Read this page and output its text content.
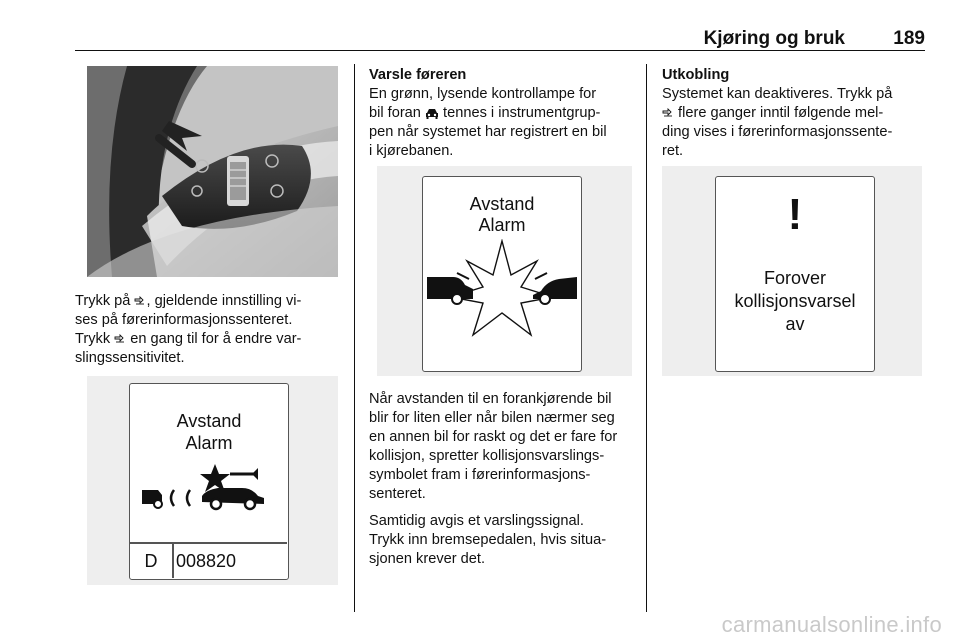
Kjøring og bruk	189

Trykk på
, gjeldende innstilling vi-

ses på førerinformasjonssenteret.

Trykk
en gang til for å endre var-

slingssensitivitet.

Avstand
Alarm
D	008820
Varsle føreren

En grønn, lysende kontrollampe for

bil foran tennes i instrumentgrup-

pen når systemet har registrert en bil

i kjørebanen.

Avstand
Alarm

Når avstanden til en forankjørende bil

blir for liten eller når bilen nærmer seg

en annen bil for raskt og det er fare for

kollisjon, spretter kollisjonsvarslings-

symbolet fram i førerinformasjons-

senteret.

Samtidig avgis et varslingssignal.

Trykk inn bremsepedalen, hvis situa-

sjonen krever det.

Utkobling

Systemet kan deaktiveres. Trykk på

flere ganger inntil følgende mel-

ding vises i førerinformasjonssente-

ret.

!
Forover
kollisjonsvarsel
av
carmanualsonline.info
